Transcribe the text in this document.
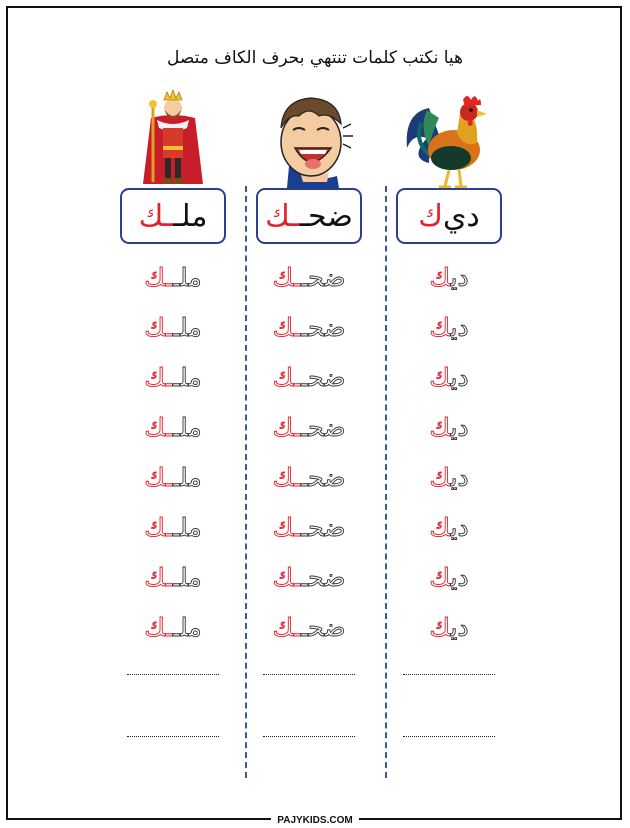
هيا نكتب كلمات تنتهي بحرف الكاف متصل
دي
ك
ديك
ديك
ديك
ديك
ديك
ديك
ديك
ديك
ضحـ
ـك
ضحــك
ضحــك
ضحــك
ضحــك
ضحــك
ضحــك
ضحــك
ضحــك
ملـ
ـك
ملــك
ملــك
ملــك
ملــك
ملــك
ملــك
ملــك
ملــك
PAJYKIDS.COM
